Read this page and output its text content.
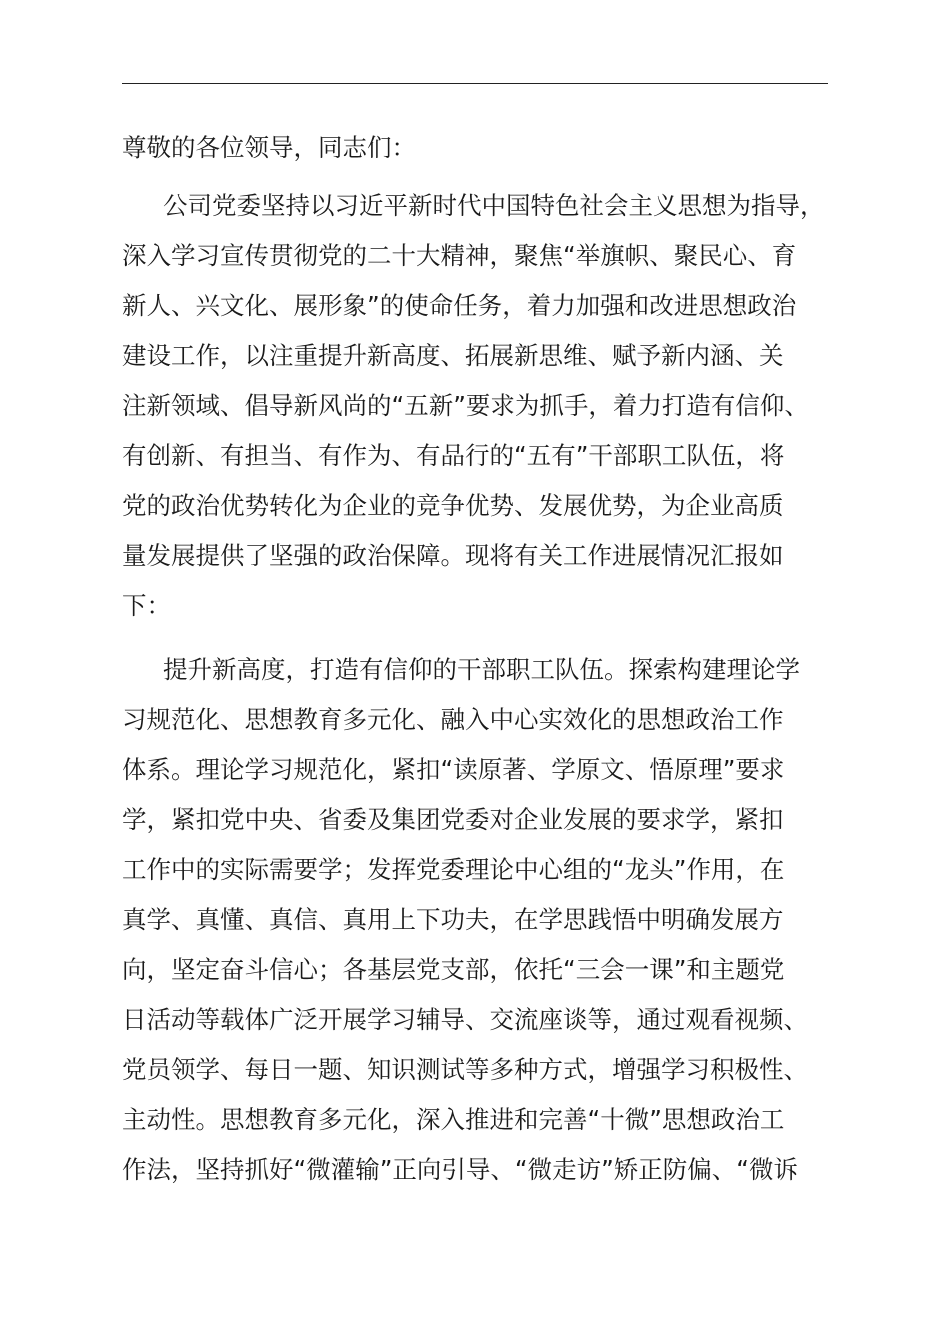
尊敬的各位领导，同志们：
公司党委坚持以习近平新时代中国特色社会主义思想为指导，
深入学习宣传贯彻党的二十大精神，聚焦“举旗帜、聚民心、育
新人、兴文化、展形象”的使命任务，着力加强和改进思想政治
建设工作，以注重提升新高度、拓展新思维、赋予新内涵、关
注新领域、倡导新风尚的“五新”要求为抓手，着力打造有信仰、
有创新、有担当、有作为、有品行的“五有”干部职工队伍，将
党的政治优势转化为企业的竞争优势、发展优势，为企业高质
量发展提供了坚强的政治保障。现将有关工作进展情况汇报如
下：
提升新高度，打造有信仰的干部职工队伍。探索构建理论学
习规范化、思想教育多元化、融入中心实效化的思想政治工作
体系。理论学习规范化，紧扣“读原著、学原文、悟原理”要求
学，紧扣党中央、省委及集团党委对企业发展的要求学，紧扣
工作中的实际需要学；发挥党委理论中心组的“龙头”作用，在
真学、真懂、真信、真用上下功夫，在学思践悟中明确发展方
向，坚定奋斗信心；各基层党支部，依托“三会一课”和主题党
日活动等载体广泛开展学习辅导、交流座谈等，通过观看视频、
党员领学、每日一题、知识测试等多种方式，增强学习积极性、
主动性。思想教育多元化，深入推进和完善“十微”思想政治工
作法，坚持抓好“微灌输”正向引导、“微走访”矫正防偏、“微诉
